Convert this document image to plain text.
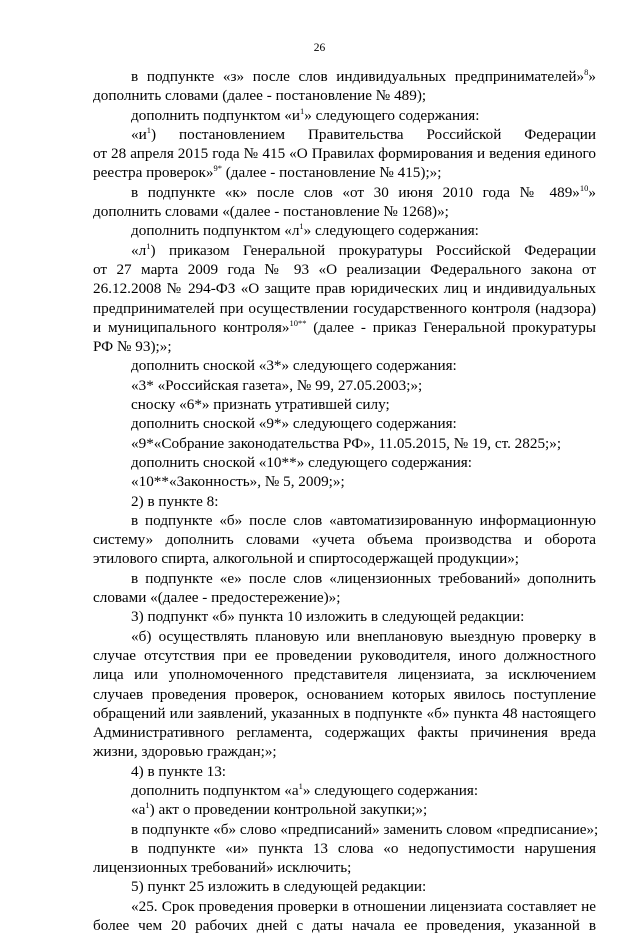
26
в подпункте «з» после слов индивидуальных предпринимателей»$^8$»
дополнить словами (далее - постановление № 489);
дополнить подпунктом «$и^1$» следующего содержания:
«$и^1$) постановлением Правительства Российской Федерации
от 28 апреля 2015 года № 415 «О Правилах формирования и ведения единого
реестра проверок»$^{9*}$ (далее - постановление № 415);»;
в подпункте «к» после слов «от 30 июня 2010 года № 489»$^{10}$»
дополнить словами «(далее - постановление № 1268)»;
дополнить подпунктом «$л^1$» следующего содержания:
«$л^1$) приказом Генеральной прокуратуры Российской Федерации
от 27 марта 2009 года № 93 «О реализации Федерального закона от
26.12.2008 № 294-ФЗ «О защите прав юридических лиц и индивидуальных
предпринимателей при осуществлении государственного контроля (надзора)
и муниципального контроля»$^{10**}$ (далее - приказ Генеральной прокуратуры
РФ № 93);»;
дополнить сноской «3*» следующего содержания:
«3* «Российская газета», № 99, 27.05.2003;»;
сноску «6*» признать утратившей силу;
дополнить сноской «9*» следующего содержания:
«9*«Собрание законодательства РФ», 11.05.2015, № 19, ст. 2825;»;
дополнить сноской «10**» следующего содержания:
«10**«Законность», № 5, 2009;»;
2) в пункте 8:
в подпункте «б» после слов «автоматизированную информационную
систему» дополнить словами «учета объема производства и оборота
этилового спирта, алкогольной и спиртосодержащей продукции»;
в подпункте «е» после слов «лицензионных требований» дополнить
словами «(далее - предостережение)»;
3) подпункт «б» пункта 10 изложить в следующей редакции:
«б) осуществлять плановую или внеплановую выездную проверку в
случае отсутствия при ее проведении руководителя, иного должностного
лица или уполномоченного представителя лицензиата, за исключением
случаев проведения проверок, основанием которых явилось поступление
обращений или заявлений, указанных в подпункте «б» пункта 48 настоящего
Административного регламента, содержащих факты причинения вреда
жизни, здоровью граждан;»;
4) в пункте 13:
дополнить подпунктом «$а^1$» следующего содержания:
«$а^1$) акт о проведении контрольной закупки;»;
в подпункте «б» слово «предписаний» заменить словом «предписание»;
в подпункте «и» пункта 13 слова «о недопустимости нарушения
лицензионных требований» исключить;
5) пункт 25 изложить в следующей редакции:
«25. Срок проведения проверки в отношении лицензиата составляет не
более чем 20 рабочих дней с даты начала ее проведения, указанной в
